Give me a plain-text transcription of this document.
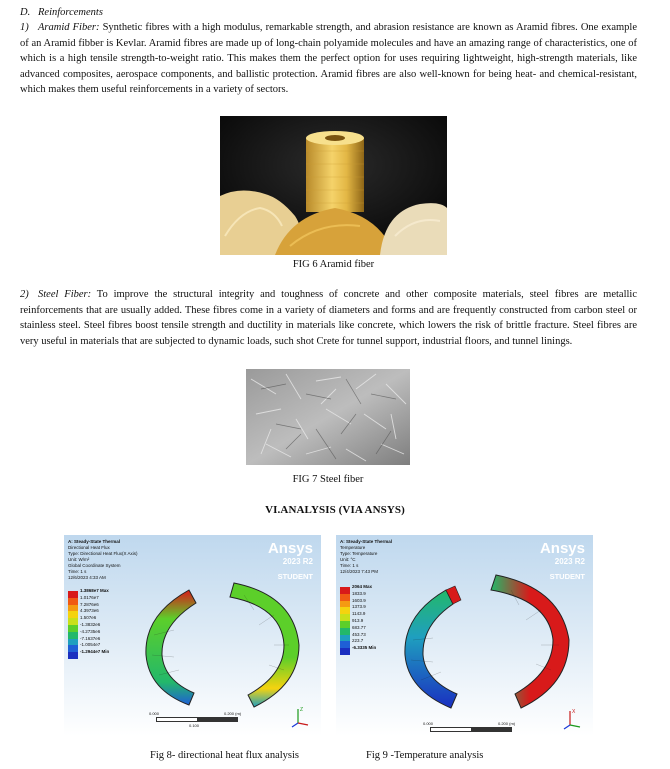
D. Reinforcements
1) Aramid Fiber: Synthetic fibres with a high modulus, remarkable strength, and abrasion resistance are known as Aramid fibres. One example of an Aramid fibber is Kevlar. Aramid fibres are made up of long-chain polyamide molecules and have an amazing range of characteristics, one of which is a high tensile strength-to-weight ratio. This makes them the perfect option for uses requiring lightweight, high-strength materials, like advanced composites, aerospace components, and ballistic protection. Aramid fibres are also well-known for being heat- and chemical-resistant, which makes them useful reinforcements in a variety of sectors.
FIG 6 Aramid fiber
2) Steel Fiber: To improve the structural integrity and toughness of concrete and other composite materials, steel fibres are metallic reinforcements that are usually added. These fibres come in a variety of diameters and forms and are frequently constructed from carbon steel or stainless steel. Steel fibres boost tensile strength and ductility in materials like concrete, which lowers the risk of brittle fracture. Steel fibres are very useful in materials that are subjected to dynamic loads, such shot Crete for tunnel support, industrial floors, and tunnel linings.
FIG 7 Steel fiber
VI.ANALYSIS (VIA ANSYS)
A: Steady-State Thermal
Directional Heat Flux
Type: Directional Heat Flux(X Axis)
Unit: W/m²
Global Coordinate System
Time: 1 s
12/6/2023 4:33 AM
Ansys
2023 R2
STUDENT
1.3868e7 Max
1.0176e7
7.2876e6
4.3973e6
1.507e6
-1.3832e6
-4.2735e6
-7.1637e6
-1.0054e7
-1.2944e7 Min
0.000	0.200 (m)
0.100
Z
Fig 8- directional heat flux analysis
A: Steady-State Thermal
Temperature
Type: Temperature
Unit: °C
Time: 1 s
12/4/2023 7:43 PM
Ansys
2023 R2
STUDENT
2064 Max
1833.9
1603.9
1373.9
1143.9
913.9
683.77
453.73
223.7
-6.3335 Min
0.000	0.200 (m)
X
Fig 9 -Temperature analysis
